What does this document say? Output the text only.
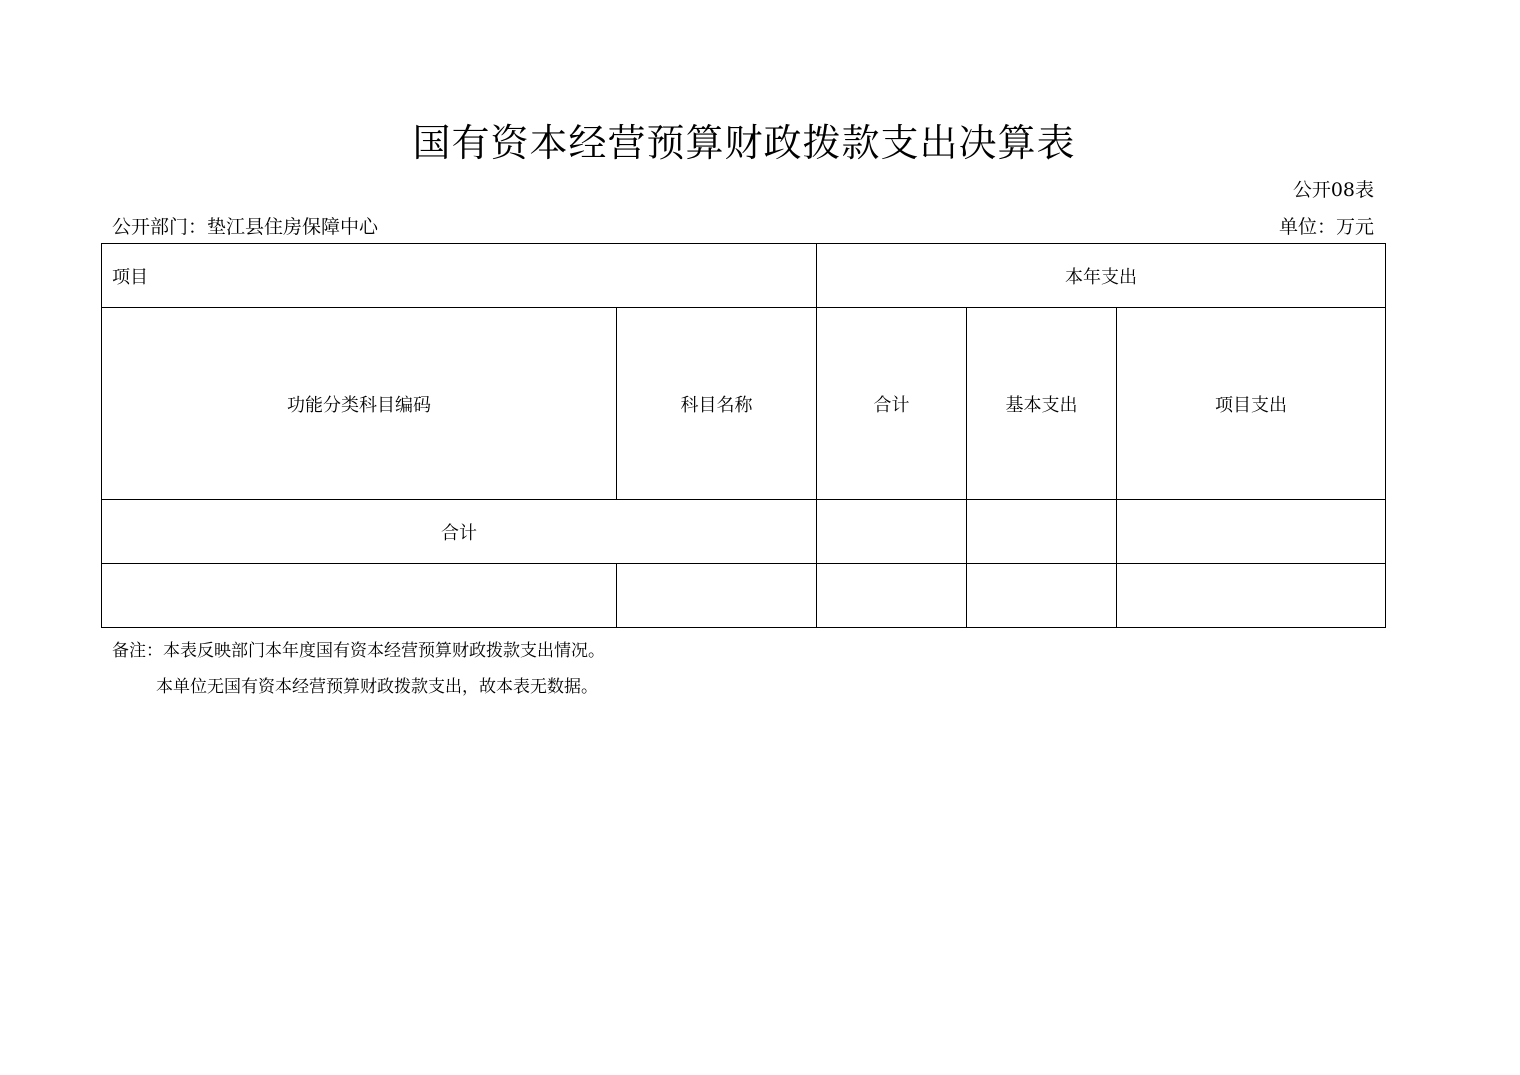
国有资本经营预算财政拨款支出决算表
公开08表
公开部门：垫江县住房保障中心	单位：万元
项目		本年支出		
功能分类科目编码	科目名称	合计	基本支出	项目支出
合计				

备注：本表反映部门本年度国有资本经营预算财政拨款支出情况。
本单位无国有资本经营预算财政拨款支出，故本表无数据。
